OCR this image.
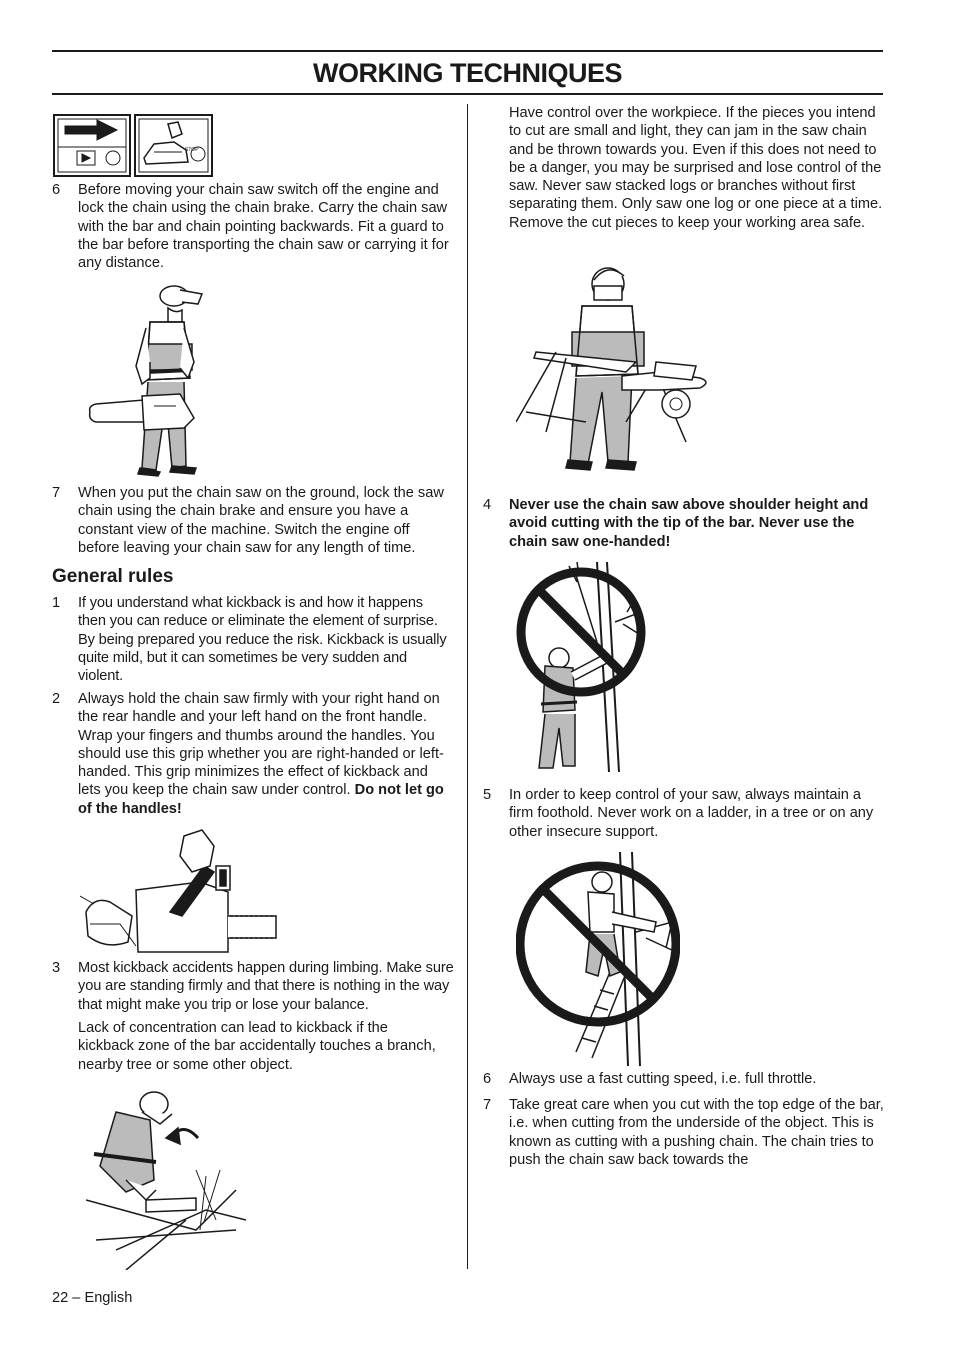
WORKING TECHNIQUES
STOP
6	Before moving your chain saw switch off the engine and lock the chain using the chain brake. Carry the chain saw with the bar and chain pointing backwards. Fit a guard to the bar before transporting the chain saw or carrying it for any distance.
7	When you put the chain saw on the ground, lock the saw chain using the chain brake and ensure you have a constant view of the machine. Switch the engine off before leaving your chain saw for any length of time.
General rules
1	If you understand what kickback is and how it happens then you can reduce or eliminate the element of surprise. By being prepared you reduce the risk. Kickback is usually quite mild, but it can sometimes be very sudden and violent.
2	Always hold the chain saw firmly with your right hand on the rear handle and your left hand on the front handle. Wrap your fingers and thumbs around the handles. You should use this grip whether you are right-handed or left-handed. This grip minimizes the effect of kickback and lets you keep the chain saw under control. Do not let go of the handles!
3	Most kickback accidents happen during limbing. Make sure you are standing firmly and that there is nothing in the way that might make you trip or lose your balance.
Lack of concentration can lead to kickback if the kickback zone of the bar accidentally touches a branch, nearby tree or some other object.
Have control over the workpiece. If the pieces you intend to cut are small and light, they can jam in the saw chain and be thrown towards you. Even if this does not need to be a danger, you may be surprised and lose control of the saw. Never saw stacked logs or branches without first separating them. Only saw one log or one piece at a time. Remove the cut pieces to keep your working area safe.
4	Never use the chain saw above shoulder height and avoid cutting with the tip of the bar. Never use the chain saw one-handed!
5	In order to keep control of your saw, always maintain a firm foothold. Never work on a ladder, in a tree or on any other insecure support.
6	Always use a fast cutting speed, i.e. full throttle.
7	Take great care when you cut with the top edge of the bar, i.e. when cutting from the underside of the object. This is known as cutting with a pushing chain. The chain tries to push the chain saw back towards the
22 – English
